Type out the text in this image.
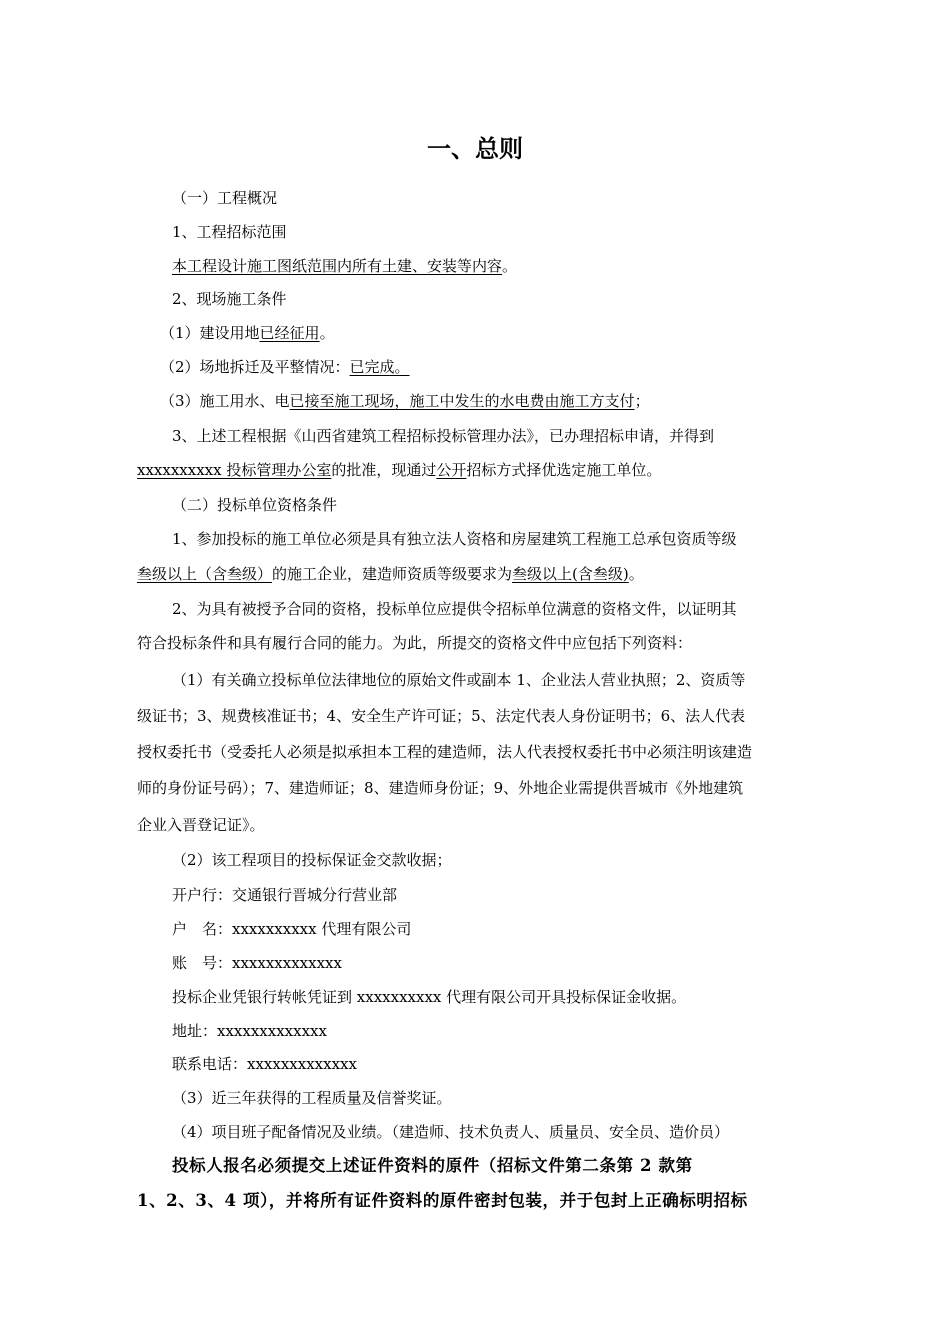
一、总则
（一）工程概况
1、工程招标范围
本工程设计施工图纸范围内所有土建、安装等内容。
2、现场施工条件
（1）建设用地已经征用。
（2）场地拆迁及平整情况：已完成。
（3）施工用水、电已接至施工现场，施工中发生的水电费由施工方支付；
3、上述工程根据《山西省建筑工程招标投标管理办法》，已办理招标申请，并得到
xxxxxxxxxx 投标管理办公室的批准，现通过公开招标方式择优选定施工单位。
（二）投标单位资格条件
1、参加投标的施工单位必须是具有独立法人资格和房屋建筑工程施工总承包资质等级
叁级以上（含叁级）的施工企业，建造师资质等级要求为叁级以上(含叁级)。
2、为具有被授予合同的资格，投标单位应提供令招标单位满意的资格文件，以证明其
符合投标条件和具有履行合同的能力。为此，所提交的资格文件中应包括下列资料：
（1）有关确立投标单位法律地位的原始文件或副本 1、企业法人营业执照；2、资质等
级证书；3、规费核准证书；4、安全生产许可证；5、法定代表人身份证明书；6、法人代表
授权委托书（受委托人必须是拟承担本工程的建造师，法人代表授权委托书中必须注明该建造
师的身份证号码）；7、建造师证；8、建造师身份证；9、外地企业需提供晋城市《外地建筑
企业入晋登记证》。
（2）该工程项目的投标保证金交款收据；
开户行：交通银行晋城分行营业部
户　名：xxxxxxxxxx 代理有限公司
账　号：xxxxxxxxxxxxx
投标企业凭银行转帐凭证到 xxxxxxxxxx 代理有限公司开具投标保证金收据。
地址：xxxxxxxxxxxxx
联系电话：xxxxxxxxxxxxx
（3）近三年获得的工程质量及信誉奖证。
（4）项目班子配备情况及业绩。（建造师、技术负责人、质量员、安全员、造价员）
投标人报名必须提交上述证件资料的原件（招标文件第二条第 2 款第
1、2、3、4 项），并将所有证件资料的原件密封包装，并于包封上正确标明招标
